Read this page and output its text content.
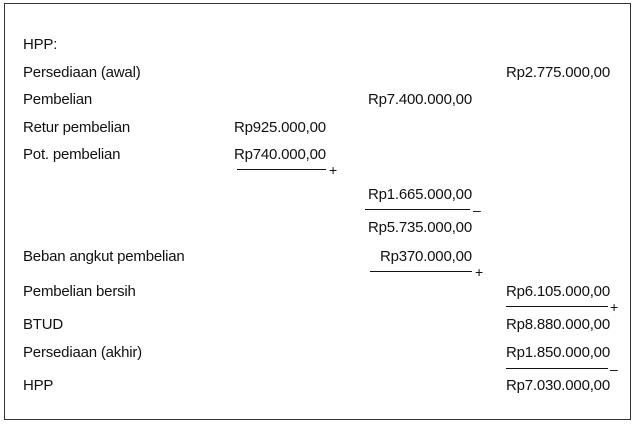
HPP:
Persediaan (awal)	Rp2.775.000,00
Pembelian	Rp7.400.000,00
Retur pembelian	Rp925.000,00
Pot. pembelian	Rp740.000,00
+
Rp1.665.000,00
–
Rp5.735.000,00
Beban angkut pembelian	Rp370.000,00
+
Pembelian bersih	Rp6.105.000,00
+
BTUD	Rp8.880.000,00
Persediaan (akhir)	Rp1.850.000,00
–
HPP	Rp7.030.000,00
